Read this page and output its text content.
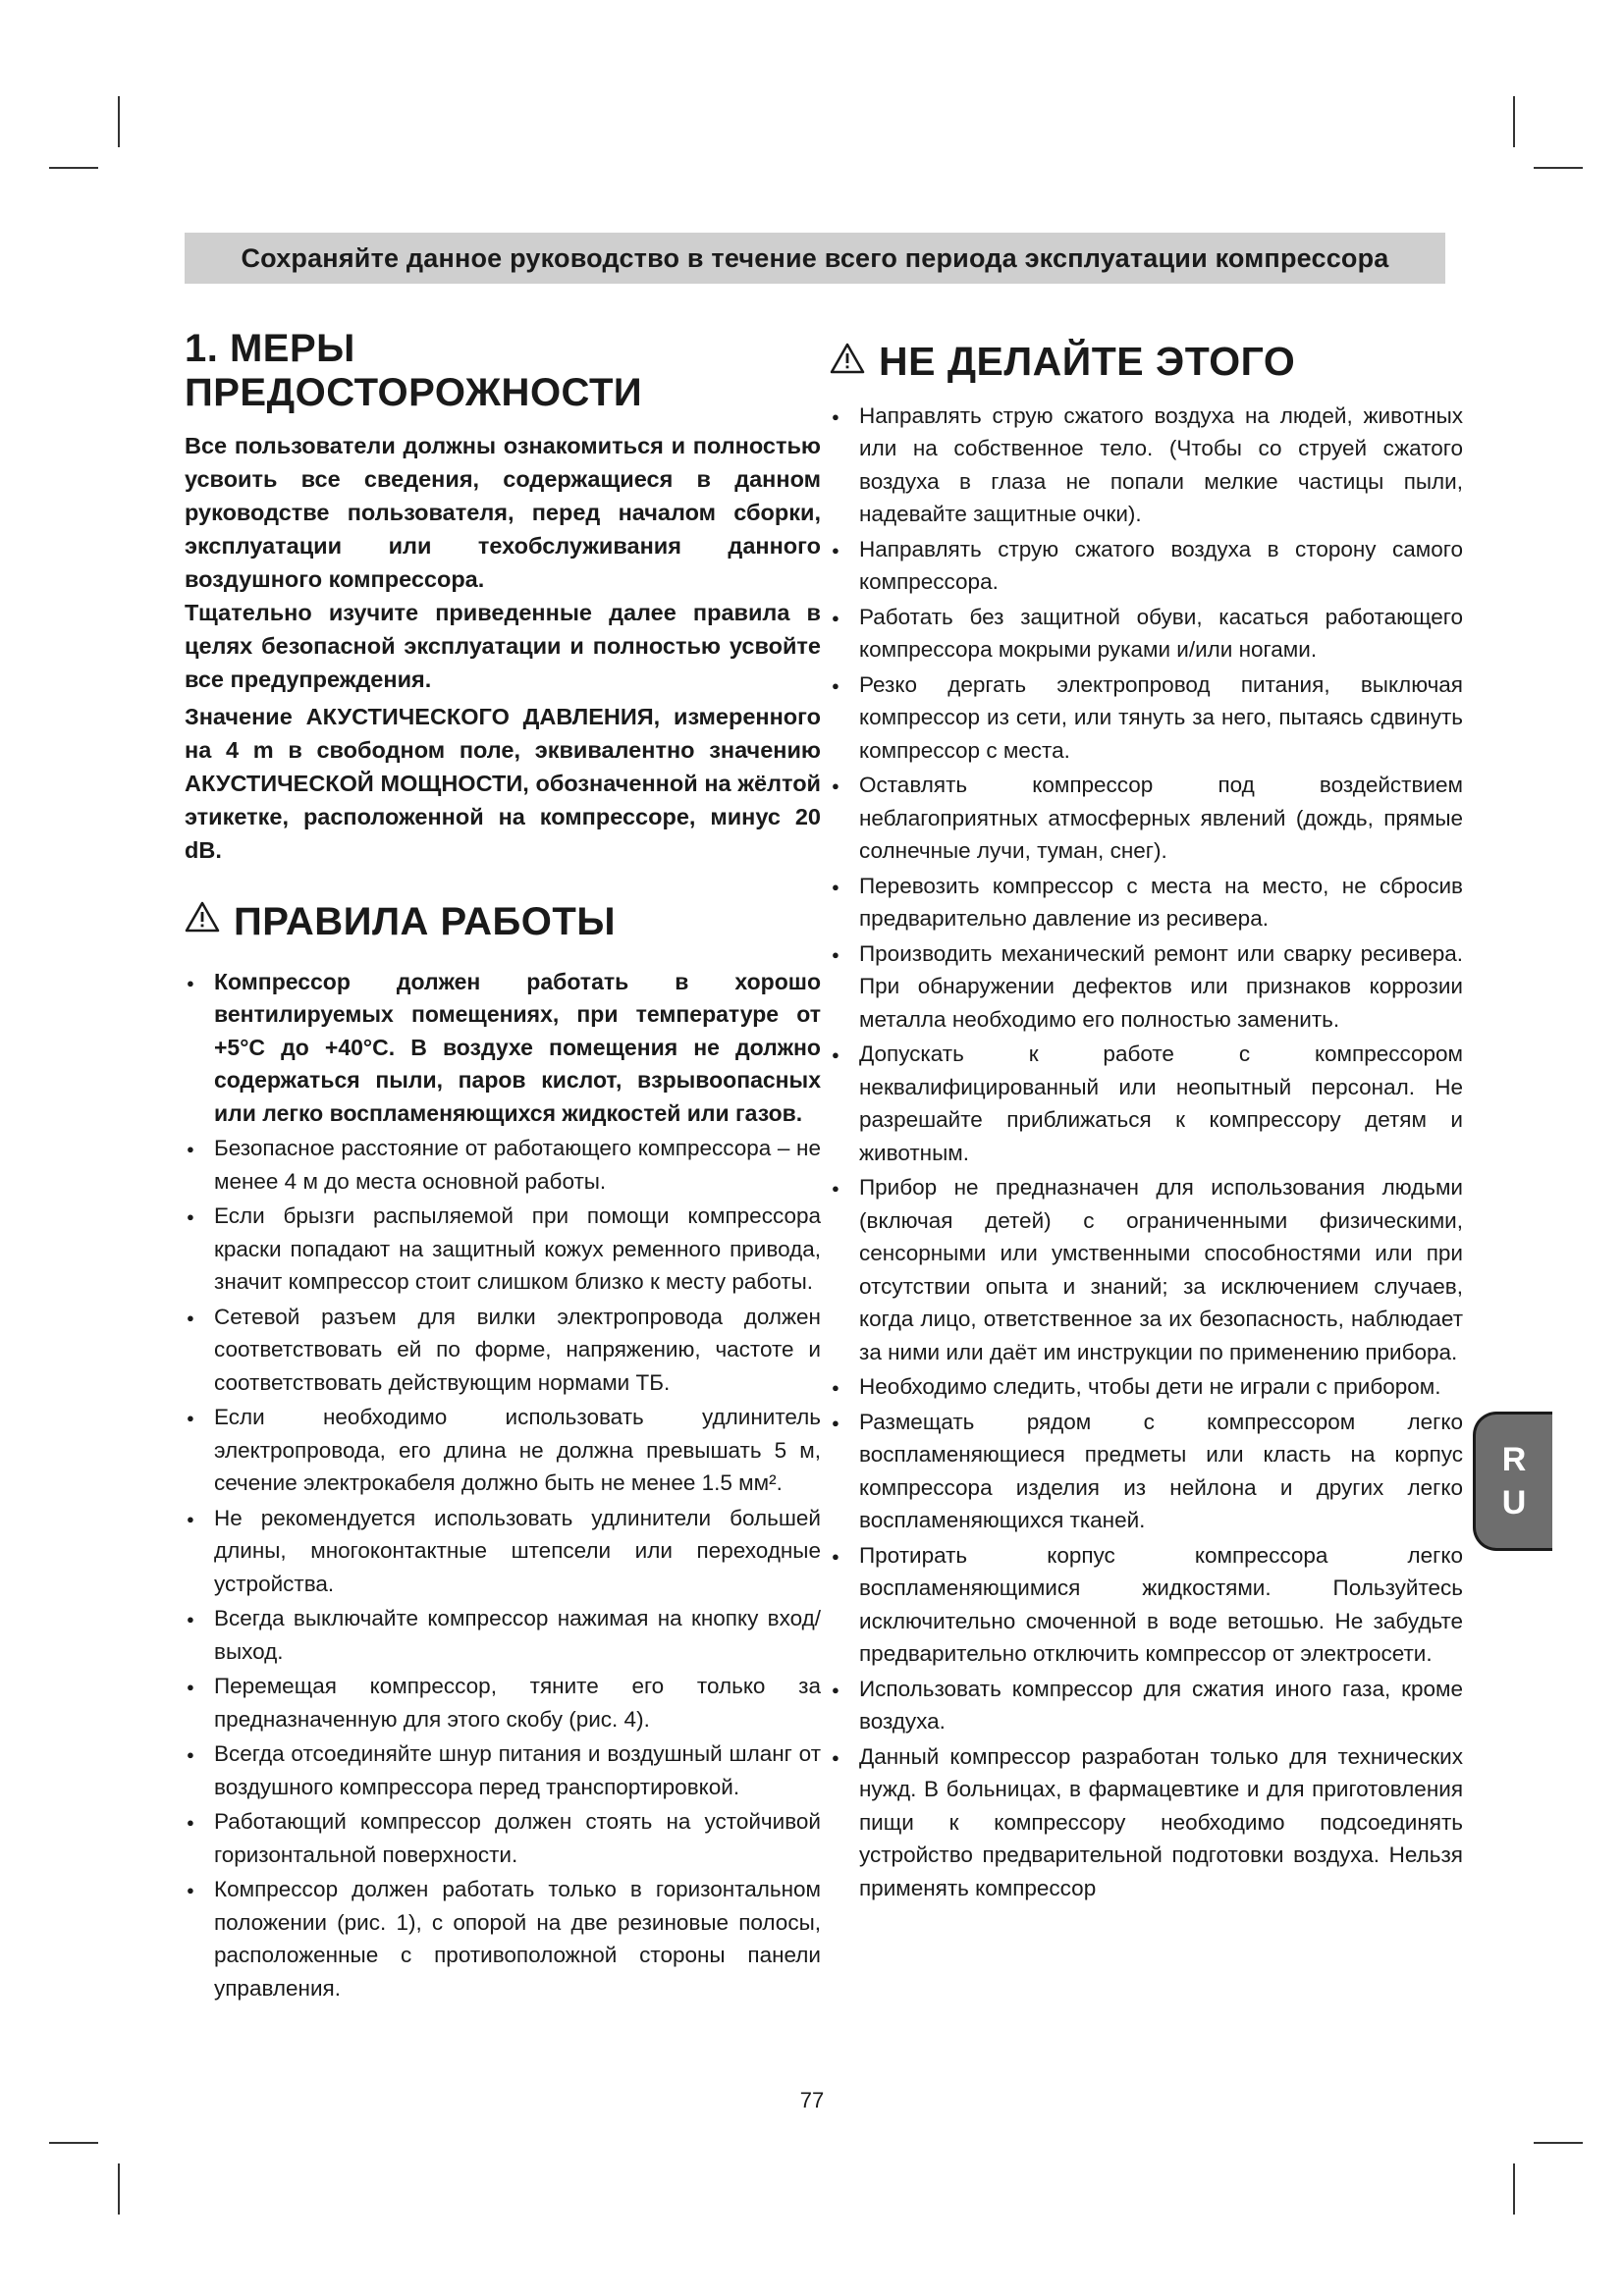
Сохраняйте данное руководство в течение всего периода эксплуатации компрессора
1. МЕРЫ ПРЕДОСТОРОЖНОСТИ

Все пользователи должны ознакомиться и полностью усвоить все сведения, содержащиеся в данном руководстве пользователя, перед началом сборки, эксплуатации или техобслуживания данного воздушного компрессора.

Тщательно изучите приведенные далее правила в целях безопасной эксплуатации и полностью усвойте все предупреждения.

Значение АКУСТИЧЕСКОГО ДАВЛЕНИЯ, измеренного на 4 m в свободном поле, эквивалентно значению АКУСТИЧЕСКОЙ МОЩНОСТИ, обозначенной на жёлтой этикетке, расположенной на компрессоре, минус 20 dB.

ПРАВИЛА РАБОТЫ
● Компрессор должен работать в хорошо вентилируемых помещениях, при температуре от +5°С до +40°С. В воздухе помещения не должно содержаться пыли, паров кислот, взрывоопасных или легко воспламеняющихся жидкостей или газов.
● Безопасное расстояние от работающего компрессора – не менее 4 м до места основной работы.
● Если брызги распыляемой при помощи компрессора краски попадают на защитный кожух ременного привода, значит компрессор стоит слишком близко к месту работы.
● Сетевой разъем для вилки электропровода должен соответствовать ей по форме, напряжению, частоте и соответствовать действующим нормами ТБ.
● Если необходимо использовать удлинитель электропровода, его длина не должна превышать 5 м, сечение электрокабеля должно быть не менее 1.5 мм².
● Не рекомендуется использовать удлинители большей длины, многоконтактные штепсели или переходные устройства.
● Всегда выключайте компрессор нажимая на кнопку вход/выход.
● Перемещая компрессор, тяните его только за предназначенную для этого скобу (рис. 4).
● Всегда отсоединяйте шнур питания и воздушный шланг от воздушного компрессора перед транспортировкой.
● Работающий компрессор должен стоять на устойчивой горизонтальной поверхности.
● Компрессор должен работать только в горизонтальном положении (рис. 1), с опорой на две резиновые полосы, расположенные с противоположной стороны панели управления.
НЕ ДЕЛАЙТЕ ЭТОГО
● Направлять струю сжатого воздуха на людей, животных или на собственное тело. (Чтобы со струей сжатого воздуха в глаза не попали мелкие частицы пыли, надевайте защитные очки).
● Направлять струю сжатого воздуха в сторону самого компрессора.
● Работать без защитной обуви, касаться работающего компрессора мокрыми руками и/или ногами.
● Резко дергать электропровод питания, выключая компрессор из сети, или тянуть за него, пытаясь сдвинуть компрессор с места.
● Оставлять компрессор под воздействием неблагоприятных атмосферных явлений (дождь, прямые солнечные лучи, туман, снег).
● Перевозить компрессор с места на место, не сбросив предварительно давление из ресивера.
● Производить механический ремонт или сварку ресивера. При обнаружении дефектов или признаков коррозии металла необходимо его полностью заменить.
● Допускать к работе с компрессором неквалифицированный или неопытный персонал. Не разрешайте приближаться к компрессору детям и животным.
● Прибор не предназначен для использования людьми (включая детей) с ограниченными физическими, сенсорными или умственными способностями или при отсутствии опыта и знаний; за исключением случаев, когда лицо, ответственное за их безопасность, наблюдает за ними или даёт им инструкции по применению прибора.
● Необходимо следить, чтобы дети не играли с прибором.
● Размещать рядом с компрессором легко воспламеняющиеся предметы или класть на корпус компрессора изделия из нейлона и других легко воспламеняющихся тканей.
● Протирать корпус компрессора легко воспламеняющимися жидкостями. Пользуйтесь исключительно смоченной в воде ветошью. Не забудьте предварительно отключить компрессор от электросети.
● Использовать компрессор для сжатия иного газа, кроме воздуха.
● Данный компрессор разработан только для технических нужд. В больницах, в фармацевтике и для приготовления пищи к компрессору необходимо подсоединять устройство предварительной подготовки воздуха. Нельзя применять компрессор
R
U
77
